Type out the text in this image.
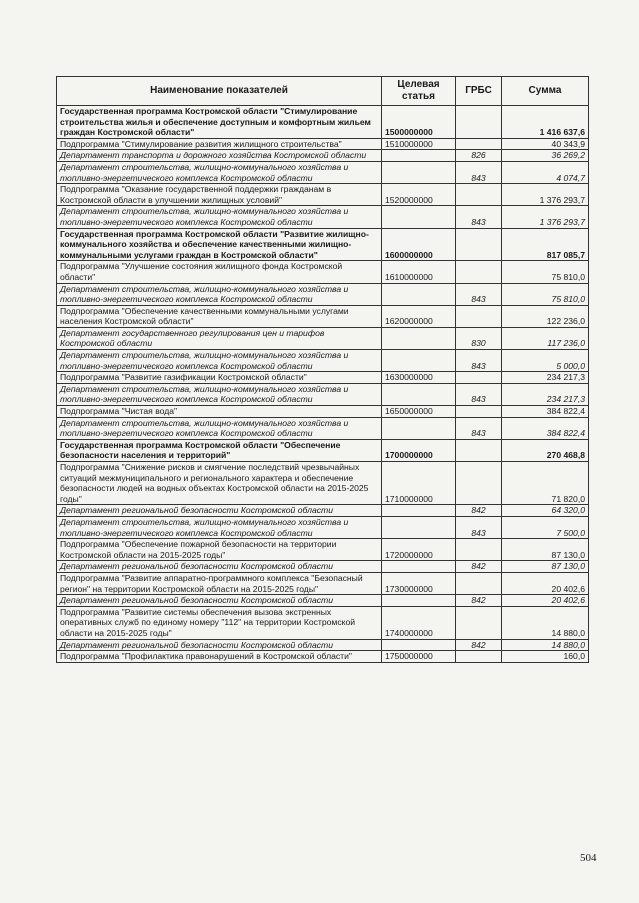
Наименование показателей	Целевая статья	ГРБС	Сумма
Государственная программа Костромской области "Стимулирование строительства жилья и обеспечение доступным и комфортным жильем граждан Костромской области"	1500000000		1 416 637,6
Подпрограмма "Стимулирование развития жилищного строительства"	1510000000		40 343,9
Департамент транспорта и дорожного хозяйства Костромской области		826	36 269,2
Департамент строительства, жилищно-коммунального хозяйства и топливно-энергетического комплекса Костромской области		843	4 074,7
Подпрограмма "Оказание государственной поддержки гражданам в Костромской области в улучшении жилищных условий"	1520000000		1 376 293,7
Департамент строительства, жилищно-коммунального хозяйства и топливно-энергетического комплекса Костромской области		843	1 376 293,7
Государственная программа Костромской области "Развитие жилищно-коммунального хозяйства и обеспечение качественными жилищно-коммунальными услугами граждан в Костромской области"	1600000000		817 085,7
Подпрограмма "Улучшение состояния жилищного фонда Костромской области"	1610000000		75 810,0
Департамент строительства, жилищно-коммунального хозяйства и топливно-энергетического комплекса Костромской области		843	75 810,0
Подпрограмма "Обеспечение качественными коммунальными услугами населения Костромской области"	1620000000		122 236,0
Департамент государственного регулирования цен и тарифов Костромской области		830	117 236,0
Департамент строительства, жилищно-коммунального хозяйства и топливно-энергетического комплекса Костромской области		843	5 000,0
Подпрограмма "Развитие газификации Костромской области"	1630000000		234 217,3
Департамент строительства, жилищно-коммунального хозяйства и топливно-энергетического комплекса Костромской области		843	234 217,3
Подпрограмма "Чистая вода"	1650000000		384 822,4
Департамент строительства, жилищно-коммунального хозяйства и топливно-энергетического комплекса Костромской области		843	384 822,4
Государственная программа Костромской области "Обеспечение безопасности населения и территорий"	1700000000		270 468,8
Подпрограмма "Снижение рисков и смягчение последствий чрезвычайных ситуаций межмуниципального и регионального характера и обеспечение безопасности людей на водных объектах Костромской области на 2015-2025 годы"	1710000000		71 820,0
Департамент региональной безопасности Костромской области		842	64 320,0
Департамент строительства, жилищно-коммунального хозяйства и топливно-энергетического комплекса Костромской области		843	7 500,0
Подпрограмма "Обеспечение пожарной безопасности на территории Костромской области на 2015-2025 годы"	1720000000		87 130,0
Департамент региональной безопасности Костромской области		842	87 130,0
Подпрограмма "Развитие аппаратно-программного комплекса "Безопасный регион" на территории Костромской области на 2015-2025 годы"	1730000000		20 402,6
Департамент региональной безопасности Костромской области		842	20 402,6
Подпрограмма "Развитие системы обеспечения вызова экстренных оперативных служб по единому номеру "112" на территории Костромской области на 2015-2025 годы"	1740000000		14 880,0
Департамент региональной безопасности Костромской области		842	14 880,0
Подпрограмма "Профилактика правонарушений в Костромской области"	1750000000		160,0
504
